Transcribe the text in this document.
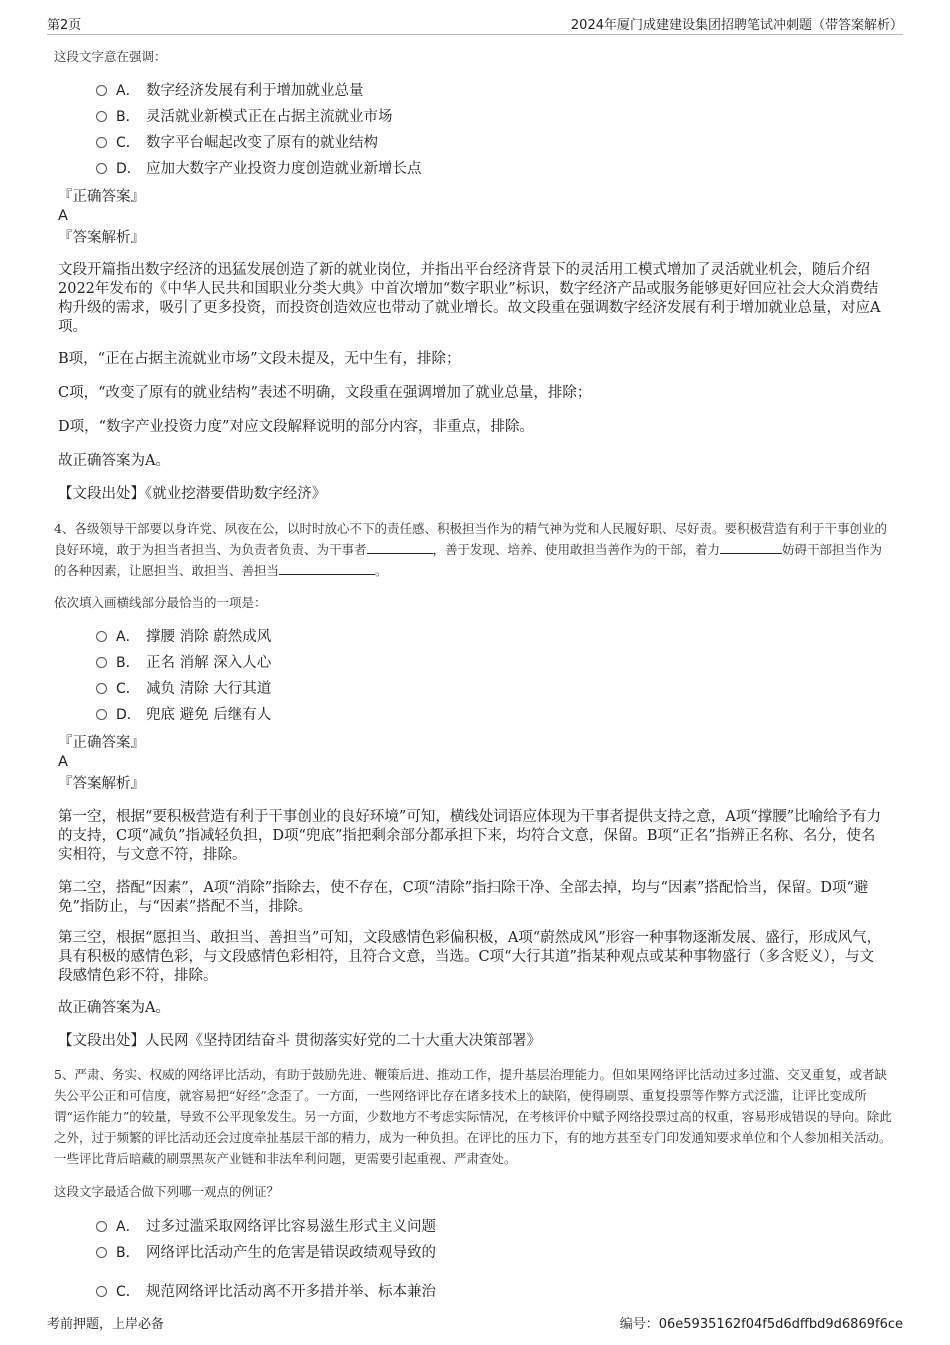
第2页	2024年厦门成建建设集团招聘笔试冲刺题（带答案解析）
这段文字意在强调：
A． 数字经济发展有利于增加就业总量
B． 灵活就业新模式正在占据主流就业市场
C． 数字平台崛起改变了原有的就业结构
D． 应加大数字产业投资力度创造就业新增长点
『正确答案』
A
『答案解析』
文段开篇指出数字经济的迅猛发展创造了新的就业岗位，并指出平台经济背景下的灵活用工模式增加了灵活就业机会，随后介绍2022年发布的《中华人民共和国职业分类大典》中首次增加“数字职业”标识，数字经济产品或服务能够更好回应社会大众消费结构升级的需求，吸引了更多投资，而投资创造效应也带动了就业增长。故文段重在强调数字经济发展有利于增加就业总量，对应A项。
B项，“正在占据主流就业市场”文段未提及，无中生有，排除；
C项，“改变了原有的就业结构”表述不明确，文段重在强调增加了就业总量，排除；
D项，“数字产业投资力度”对应文段解释说明的部分内容，非重点，排除。
故正确答案为A。
【文段出处】《就业挖潜要借助数字经济》
4、各级领导干部要以身许党、夙夜在公，以时时放心不下的责任感、积极担当作为的精气神为党和人民履好职、尽好责。要积极营造有利于干事创业的良好环境，敢于为担当者担当、为负责者负责、为干事者	，善于发现、培养、使用敢担当善作为的干部，着力	妨碍干部担当作为的各种因素，让愿担当、敢担当、善担当	。
依次填入画横线部分最恰当的一项是：
A． 撑腰 消除 蔚然成风
B． 正名 消解 深入人心
C． 减负 清除 大行其道
D． 兜底 避免 后继有人
『正确答案』
A
『答案解析』
第一空，根据“要积极营造有利于干事创业的良好环境”可知，横线处词语应体现为干事者提供支持之意，A项“撑腰”比喻给予有力的支持，C项“减负”指减轻负担，D项“兜底”指把剩余部分都承担下来，均符合文意，保留。B项“正名”指辨正名称、名分，使名实相符，与文意不符，排除。
第二空，搭配“因素”，A项“消除”指除去，使不存在，C项“清除”指扫除干净、全部去掉，均与“因素”搭配恰当，保留。D项“避免”指防止，与“因素”搭配不当，排除。
第三空，根据“愿担当、敢担当、善担当”可知，文段感情色彩偏积极，A项“蔚然成风”形容一种事物逐渐发展、盛行，形成风气，具有积极的感情色彩，与文段感情色彩相符，且符合文意，当选。C项“大行其道”指某种观点或某种事物盛行（多含贬义），与文段感情色彩不符，排除。
故正确答案为A。
【文段出处】人民网《坚持团结奋斗 贯彻落实好党的二十大重大决策部署》
5、严肃、务实、权威的网络评比活动，有助于鼓励先进、鞭策后进、推动工作，提升基层治理能力。但如果网络评比活动过多过滥、交叉重复，或者缺失公平公正和可信度，就容易把“好经”念歪了。一方面，一些网络评比存在诸多技术上的缺陷，使得刷票、重复投票等作弊方式泛滥，让评比变成所谓“运作能力”的较量，导致不公平现象发生。另一方面，少数地方不考虑实际情况，在考核评价中赋予网络投票过高的权重，容易形成错误的导向。除此之外，过于频繁的评比活动还会过度牵扯基层干部的精力，成为一种负担。在评比的压力下，有的地方甚至专门印发通知要求单位和个人参加相关活动。一些评比背后暗藏的刷票黑灰产业链和非法牟利问题，更需要引起重视、严肃查处。
这段文字最适合做下列哪一观点的例证？
A． 过多过滥采取网络评比容易滋生形式主义问题
B． 网络评比活动产生的危害是错误政绩观导致的
C． 规范网络评比活动离不开多措并举、标本兼治
考前押题，上岸必备	编号：06e5935162f04f5d6dffbd9d6869f6ce
